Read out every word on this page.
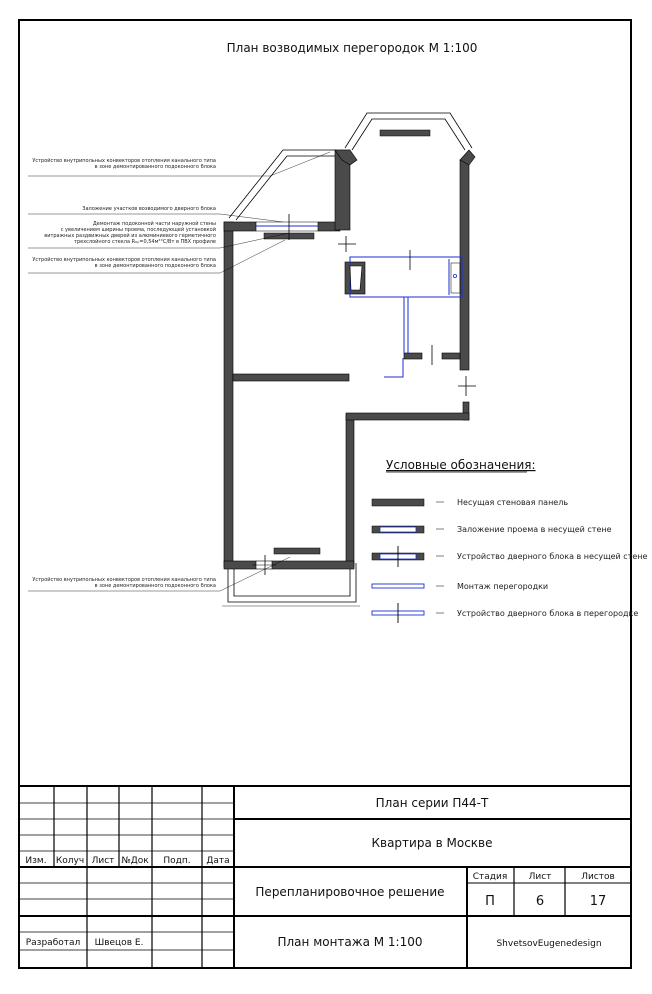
План возводимых перегородок М 1:100
Устройство внутрипольных конвекторов отопления канального типа
в зоне демонтированного подоконного блока
Заложение участков возводимого дверного блока
Демонтаж подоконной части наружной стены
с увеличением ширины проема, последующей установкой
витражных раздвижных дверей из алюминиевого герметичного
трехслойного стекла R₀ₚ=0,54м²°С/Вт в ПВХ профиле
Устройство внутрипольных конвекторов отопления канального типа
в зоне демонтированного подоконного блока
Устройство внутрипольных конвекторов отопления канального типа
в зоне демонтированного подоконного блока
Условные обозначения:
Несущая стеновая панель
Заложение проема в несущей стене
Устройство дверного блока в несущей стене
Монтаж перегородки
Устройство дверного блока в перегородке
Изм. Колуч Лист №Док Подп. Дата
План серии П44-Т
Квартира в Москве
Стадия Лист	Листов
П	6	17
Перепланировочное решение
План монтажа М 1:100
Разработал Швецов Е.	ShvetsovEugenedesign
